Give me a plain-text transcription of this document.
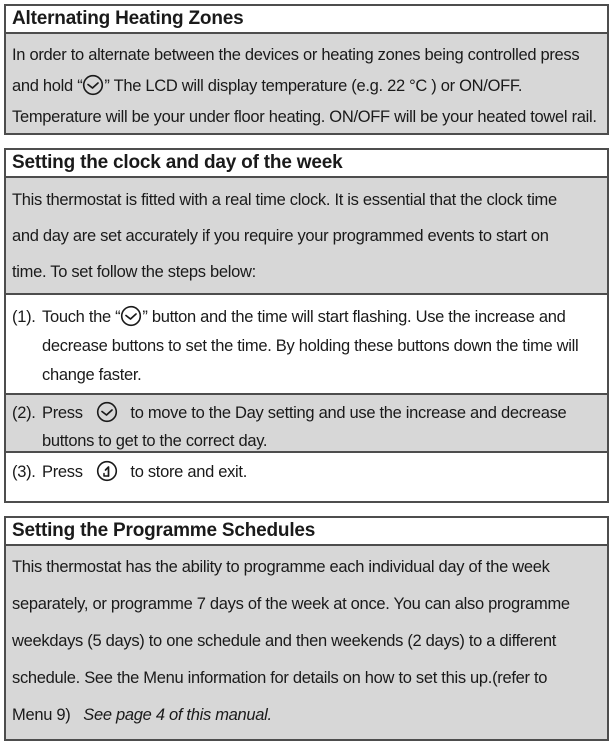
Alternating Heating Zones
In order to alternate between the devices or heating zones being controlled press
and hold “ ” The LCD will display temperature (e.g. 22 °C ) or ON/OFF.
Temperature will be your under floor heating. ON/OFF will be your heated towel rail.
Setting the clock and day of the week
This thermostat is fitted with a real time clock. It is essential that the clock time
and day are set accurately if you require your programmed events to start on
time. To set follow the steps below:
(1). Touch the “ ” button and the time will start flashing. Use the increase and
decrease buttons to set the time. By holding these buttons down the time will
change faster.
(2). Press	to move to the Day setting and use the increase and decrease
buttons to get to the correct day.
(3). Press	to store and exit.
Setting the Programme Schedules
This thermostat has the ability to programme each individual day of the week
separately, or programme 7 days of the week at once. You can also programme
weekdays (5 days) to one schedule and then weekends (2 days) to a different
schedule. See the Menu information for details on how to set this up.(refer to
Menu 9) See page 4 of this manual.
